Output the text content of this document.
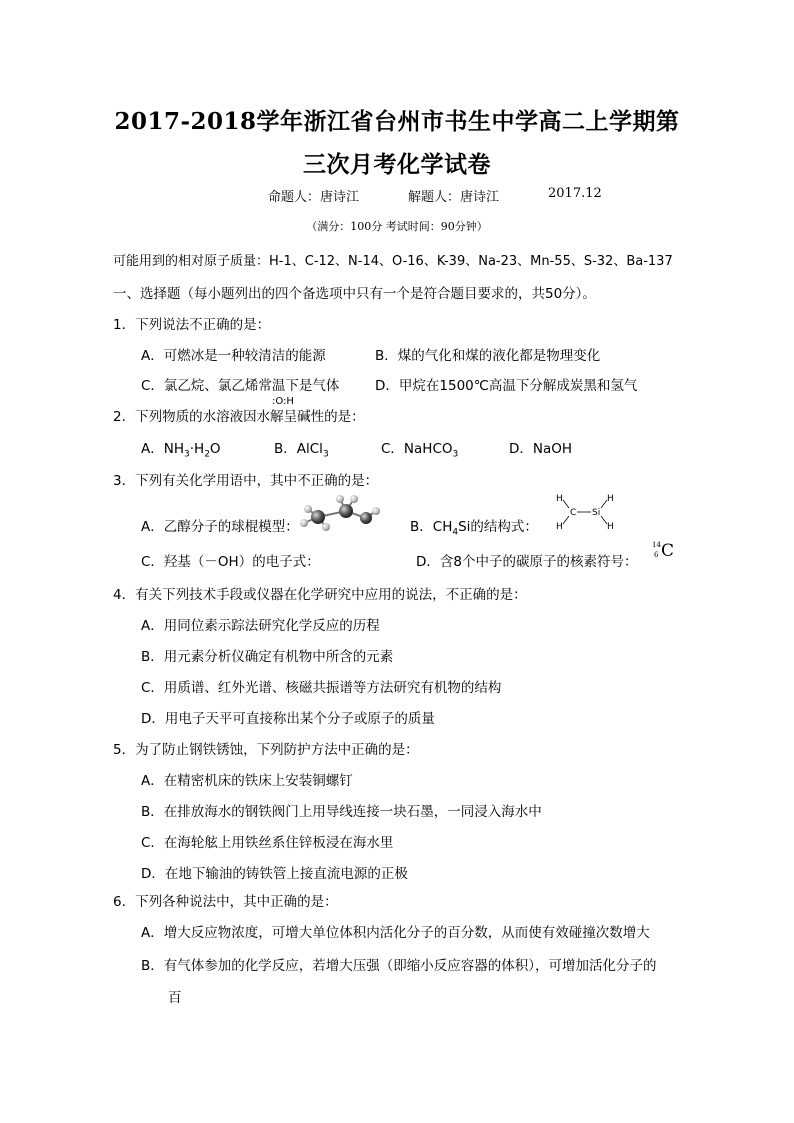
2017-2018学年浙江省台州市书生中学高二上学期第
三次月考化学试卷
命题人：唐诗江	解题人：唐诗江	2017.12
（满分：100分 考试时间：90分钟）
可能用到的相对原子质量：H-1、C-12、N-14、O-16、K-39、Na-23、Mn-55、S-32、Ba-137
一、选择题（每小题列出的四个备选项中只有一个是符合题目要求的，共50分）。
1．下列说法不正确的是：
A．可燃冰是一种较清洁的能源	B．煤的气化和煤的液化都是物理变化
C．氯乙烷、氯乙烯常温下是气体	D．甲烷在1500℃高温下分解成炭黑和氢气
2．下列物质的水溶液因水解呈碱性的是：
:O:H
A．$NH_3\cdot H_2O$	B．AlCl$_3$	C．NaHCO$_3$	D．NaOH
3．下列有关化学用语中，其中不正确的是：
A．乙醇分子的球棍模型：	B．$CH_4Si$的结构式：
H
H
C Si
H
H
C．羟基（－OH）的电子式：	D．含8个中子的碳原子的核素符号：
14
6 C
4．有关下列技术手段或仪器在化学研究中应用的说法，不正确的是：
A．用同位素示踪法研究化学反应的历程
B．用元素分析仪确定有机物中所含的元素
C．用质谱、红外光谱、核磁共振谱等方法研究有机物的结构
D．用电子天平可直接称出某个分子或原子的质量
5．为了防止钢铁锈蚀，下列防护方法中正确的是：
A．在精密机床的铁床上安装铜螺钉
B．在排放海水的钢铁阀门上用导线连接一块石墨，一同浸入海水中
C．在海轮舷上用铁丝系住锌板浸在海水里
D．在地下输油的铸铁管上接直流电源的正极
6．下列各种说法中，其中正确的是：
A．增大反应物浓度，可增大单位体积内活化分子的百分数，从而使有效碰撞次数增大
B．有气体参加的化学反应，若增大压强（即缩小反应容器的体积），可增加活化分子的
百
